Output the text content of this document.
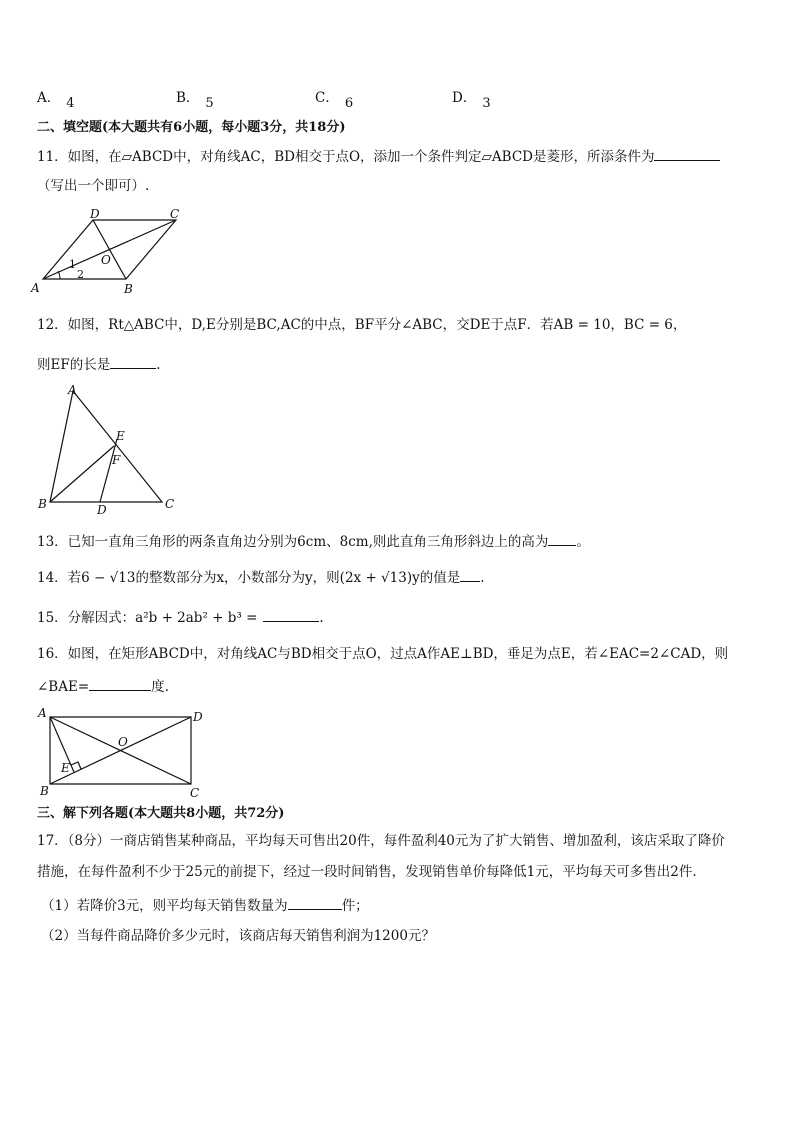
A． 4	B． 5	C． 6	D． 3
二、填空题(本大题共有6小题，每小题3分，共18分)
11．如图，在▱ABCD中，对角线AC，BD相交于点O，添加一个条件判定▱ABCD是菱形，所添条件为
（写出一个即可）.
A	B
C
D
O
1
2
12．如图，Rt△ABC中，D,E分别是BC,AC的中点，BF平分∠ABC，交DE于点F．若AB = 10，BC = 6，
则EF的长是	.
A
B	C
D
E
F
13．已知一直角三角形的两条直角边分别为6cm、8cm,则此直角三角形斜边上的高为 。
14．若6 − √13的整数部分为x，小数部分为y，则(2x + √13)y的值是 .
15．分解因式：a²b + 2ab² + b³ =	.
16．如图，在矩形ABCD中，对角线AC与BD相交于点O，过点A作AE⊥BD，垂足为点E，若∠EAC=2∠CAD，则
∠BAE=	度.
A
B	C
D
O
E
三、解下列各题(本大题共8小题，共72分)
17．（8分）一商店销售某种商品，平均每天可售出20件，每件盈利40元为了扩大销售、增加盈利，该店采取了降价
措施，在每件盈利不少于25元的前提下，经过一段时间销售，发现销售单价每降低1元，平均每天可多售出2件.
（1）若降价3元，则平均每天销售数量为	件；
（2）当每件商品降价多少元时，该商店每天销售利润为1200元？
